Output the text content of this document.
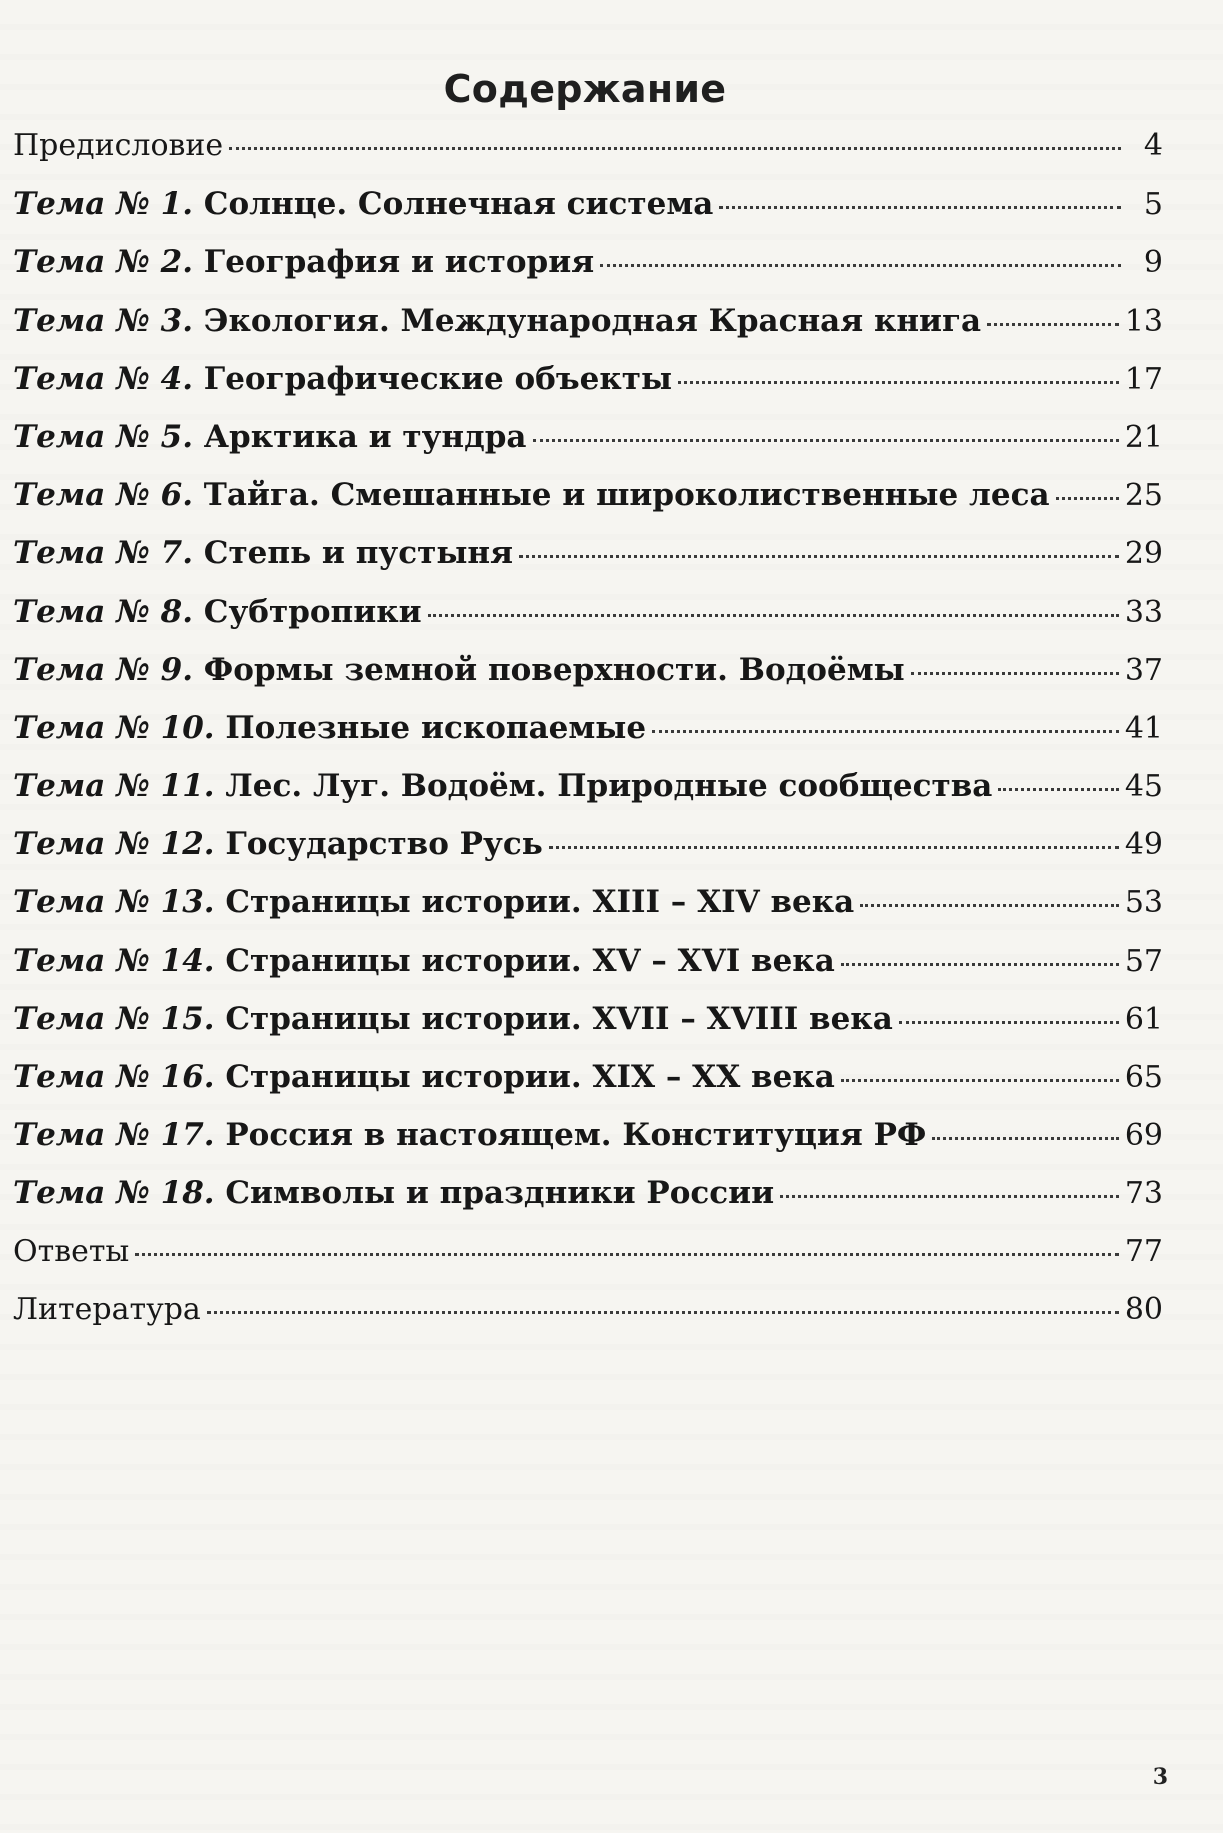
Содержание
Предисловие	4
Тема № 1. Солнце. Солнечная система	5
Тема № 2. География и история	9
Тема № 3. Экология. Международная Красная книга	13
Тема № 4. Географические объекты	17
Тема № 5. Арктика и тундра	21
Тема № 6. Тайга. Смешанные и широколиственные леса	25
Тема № 7. Степь и пустыня	29
Тема № 8. Субтропики	33
Тема № 9. Формы земной поверхности. Водоёмы	37
Тема № 10. Полезные ископаемые	41
Тема № 11. Лес. Луг. Водоём. Природные сообщества	45
Тема № 12. Государство Русь	49
Тема № 13. Страницы истории. XIII – XIV века	53
Тема № 14. Страницы истории. XV – XVI века	57
Тема № 15. Страницы истории. XVII – XVIII века	61
Тема № 16. Страницы истории. XIX – XX века	65
Тема № 17. Россия в настоящем. Конституция РФ	69
Тема № 18. Символы и праздники России	73
Ответы	77
Литература	80
3
